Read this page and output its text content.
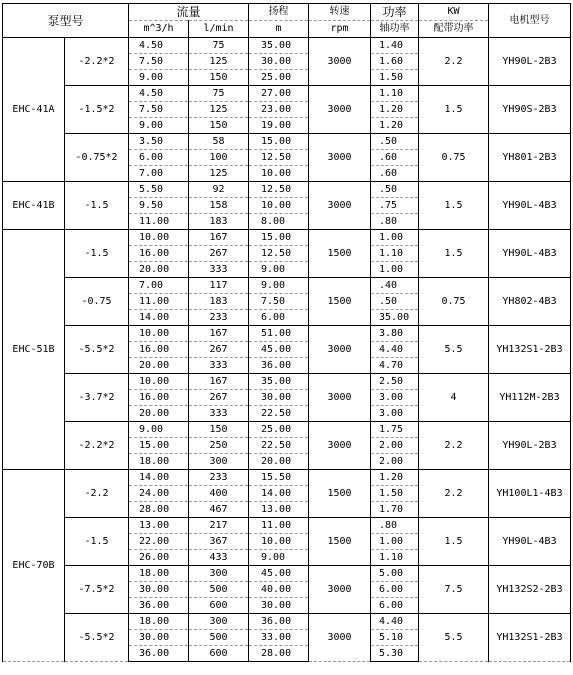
泵型号		流量		扬程	转速	功率	KW	电机型号
		m^3/h	l/min	m	rpm	轴功率	配带功率	
EHC-41A	-2.2*2	4.50	75	35.00	3000	1.40	2.2	YH90L-2B3
		7.50	125	30.00		1.60		
		9.00	150	25.00		1.50		
	-1.5*2	4.50	75	27.00	3000	1.10	1.5	YH90S-2B3
		7.50	125	23.00		1.20		
		9.00	150	19.00		1.20		
	-0.75*2	3.50	58	15.00	3000	.50	0.75	YH801-2B3
		6.00	100	12.50		.60		
		7.00	125	10.00		.60		
EHC-41B	-1.5	5.50	92	12.50	3000	.50	1.5	YH90L-4B3
		9.50	158	10.00		.75		
		11.00	183	8.00		.80		
EHC-51B	-1.5	10.00	167	15.00	1500	1.00	1.5	YH90L-4B3
		16.00	267	12.50		1.10		
		20.00	333	9.00		1.00		
	-0.75	7.00	117	9.00	1500	.40	0.75	YH802-4B3
		11.00	183	7.50		.50		
		14.00	233	6.00		35.00		
	-5.5*2	10.00	167	51.00	3000	3.80	5.5	YH132S1-2B3
		16.00	267	45.00		4.40		
		20.00	333	36.00		4.70		
	-3.7*2	10.00	167	35.00	3000	2.50	4	YH112M-2B3
		16.00	267	30.00		3.00		
		20.00	333	22.50		3.00		
	-2.2*2	9.00	150	25.00	3000	1.75	2.2	YH90L-2B3
		15.00	250	22.50		2.00		
		18.00	300	20.00		2.00		
EHC-70B	-2.2	14.00	233	15.50	1500	1.20	2.2	YH100L1-4B3
		24.00	400	14.00		1.50		
		28.00	467	13.00		1.70		
	-1.5	13.00	217	11.00	1500	.80	1.5	YH90L-4B3
		22.00	367	10.00		1.00		
		26.00	433	9.00		1.10		
	-7.5*2	18.00	300	45.00	3000	5.00	7.5	YH132S2-2B3
		30.00	500	40.00		6.00		
		36.00	600	30.00		6.00		
	-5.5*2	18.00	300	36.00	3000	4.40	5.5	YH132S1-2B3
		30.00	500	33.00		5.10		
		36.00	600	28.00		5.30		
